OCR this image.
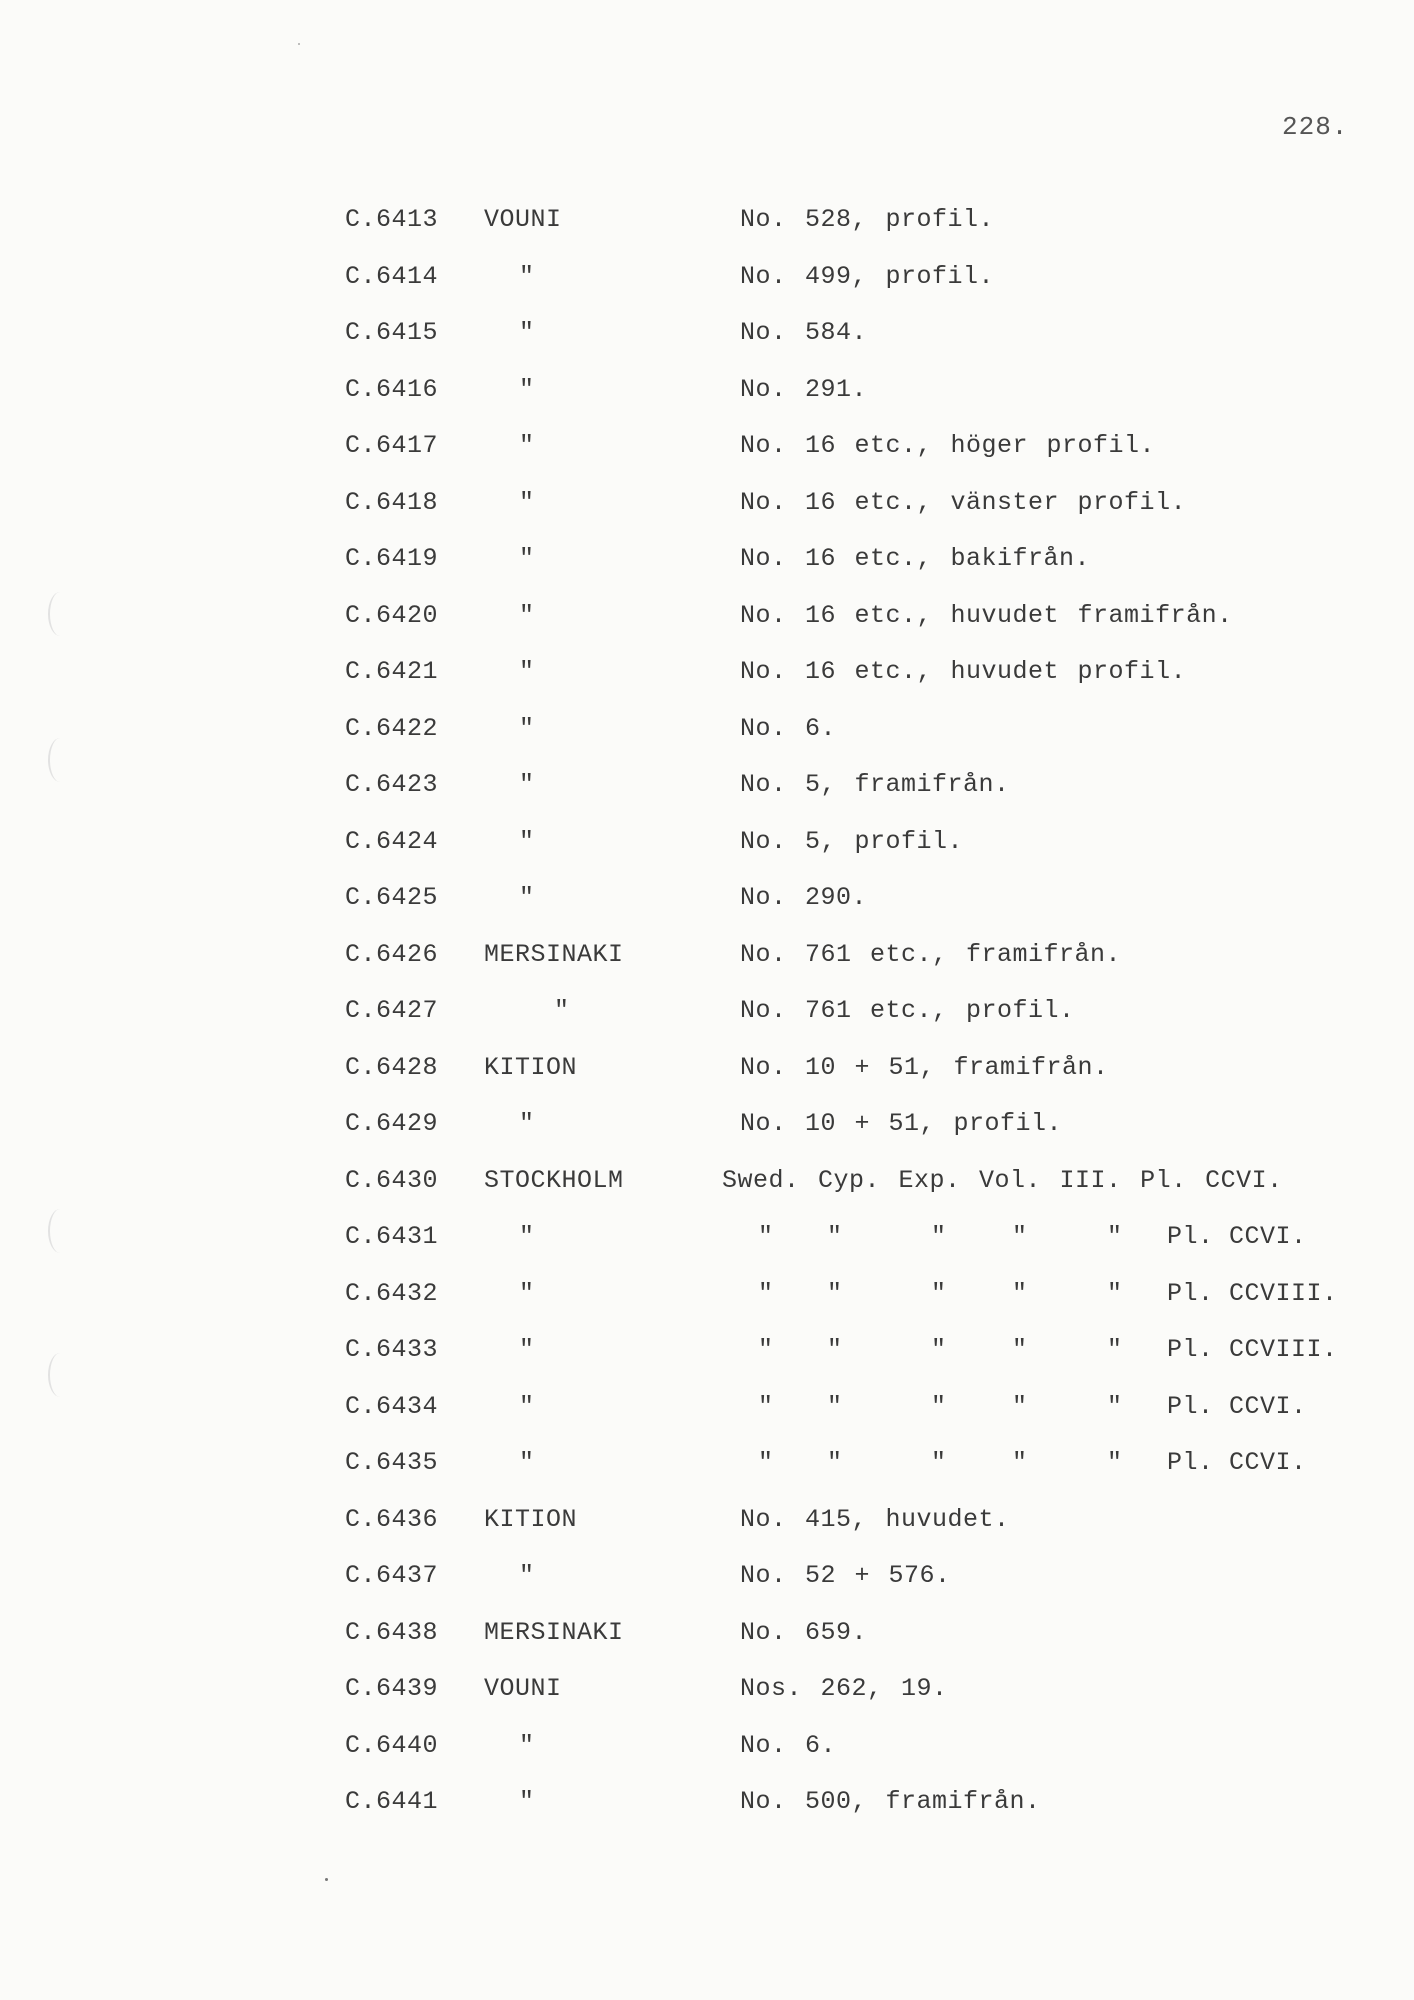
228.
C.6413 VOUNI	No. 528, profil.
C.6414	"	No. 499, profil.
C.6415	"	No. 584.
C.6416	"	No. 291.
C.6417	"	No. 16 etc., höger profil.
C.6418	"	No. 16 etc., vänster profil.
C.6419	"	No. 16 etc., bakifrån.
C.6420	"	No. 16 etc., huvudet framifrån.
C.6421	"	No. 16 etc., huvudet profil.
C.6422	"	No. 6.
C.6423	"	No. 5, framifrån.
C.6424	"	No. 5, profil.
C.6425	"	No. 290.
C.6426 MERSINAKI	No. 761 etc., framifrån.
C.6427	"	No. 761 etc., profil.
C.6428 KITION	No. 10 + 51, framifrån.
C.6429	"	No. 10 + 51, profil.
C.6430 STOCKHOLM	Swed. Cyp. Exp. Vol. III. Pl. CCVI.
C.6431	"	" "	"	"	" Pl. CCVI.
C.6432	"	" "	"	"	" Pl. CCVIII.
C.6433	"	" "	"	"	" Pl. CCVIII.
C.6434	"	" "	"	"	" Pl. CCVI.
C.6435	"	" "	"	"	" Pl. CCVI.
C.6436 KITION	No. 415, huvudet.
C.6437	"	No. 52 + 576.
C.6438 MERSINAKI	No. 659.
C.6439 VOUNI	Nos. 262, 19.
C.6440	"	No. 6.
C.6441	"	No. 500, framifrån.
